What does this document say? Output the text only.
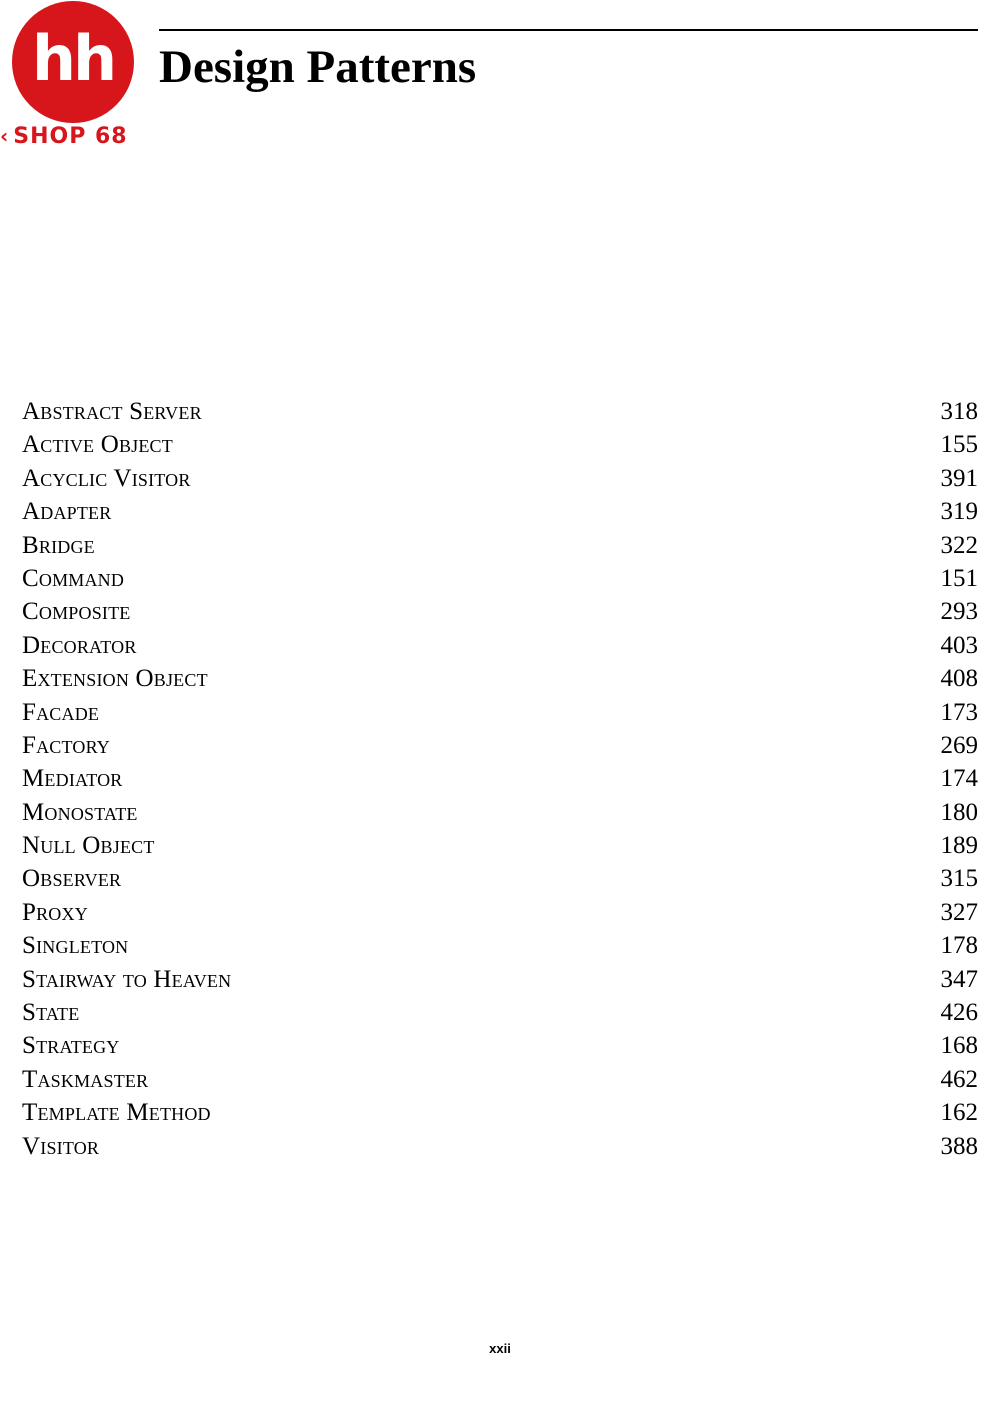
hh
‹ SHOP 68
Design Patterns
Abstract Server	318
Active Object	155
Acyclic Visitor	391
Adapter	319
Bridge	322
Command	151
Composite	293
Decorator	403
Extension Object	408
Facade	173
Factory	269
Mediator	174
Monostate	180
Null Object	189
Observer	315
Proxy	327
Singleton	178
Stairway to Heaven	347
State	426
Strategy	168
Taskmaster	462
Template Method	162
Visitor	388
xxii
